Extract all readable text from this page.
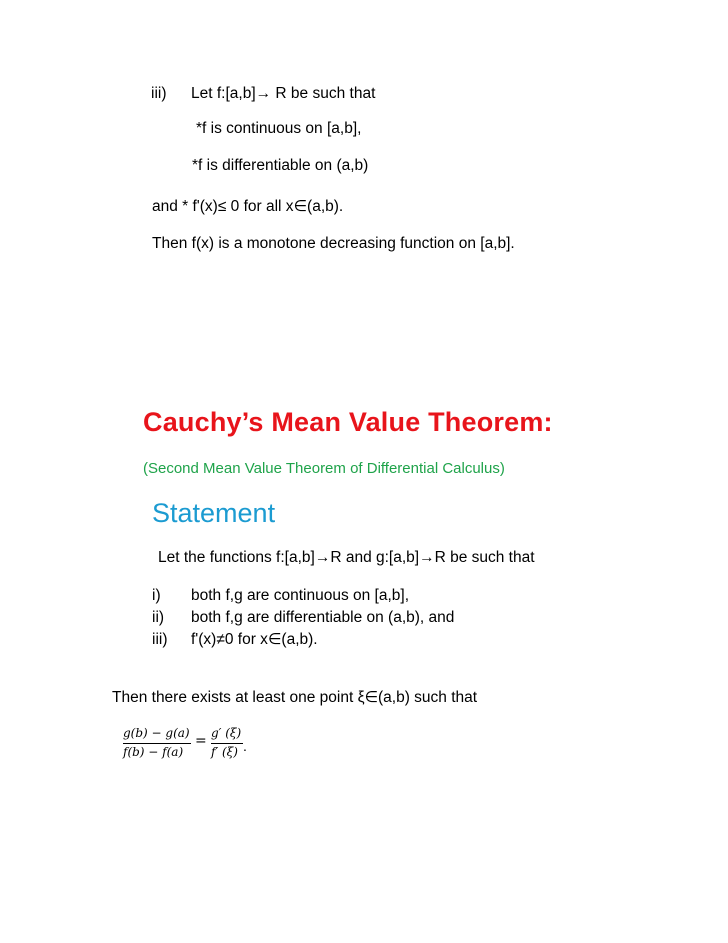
iii) Let f:[a,b]→ R be such that
*f is continuous on [a,b],
*f is differentiable on (a,b)
and * f'(x)≤ 0 for all x∈(a,b).
Then f(x) is a monotone decreasing function on [a,b].
Cauchy’s Mean Value Theorem:
(Second Mean Value Theorem of Differential Calculus)
Statement
Let the functions f:[a,b]→R and g:[a,b]→R be such that
i) both f,g are continuous on [a,b],
ii) both f,g are differentiable on (a,b), and
iii) f'(x)≠0 for x∈(a,b).
Then there exists at least one point ξ∈(a,b) such that
g(b) − g(a)
f(b) − f(a)
= g′ (ξ)
f′ (ξ) .
